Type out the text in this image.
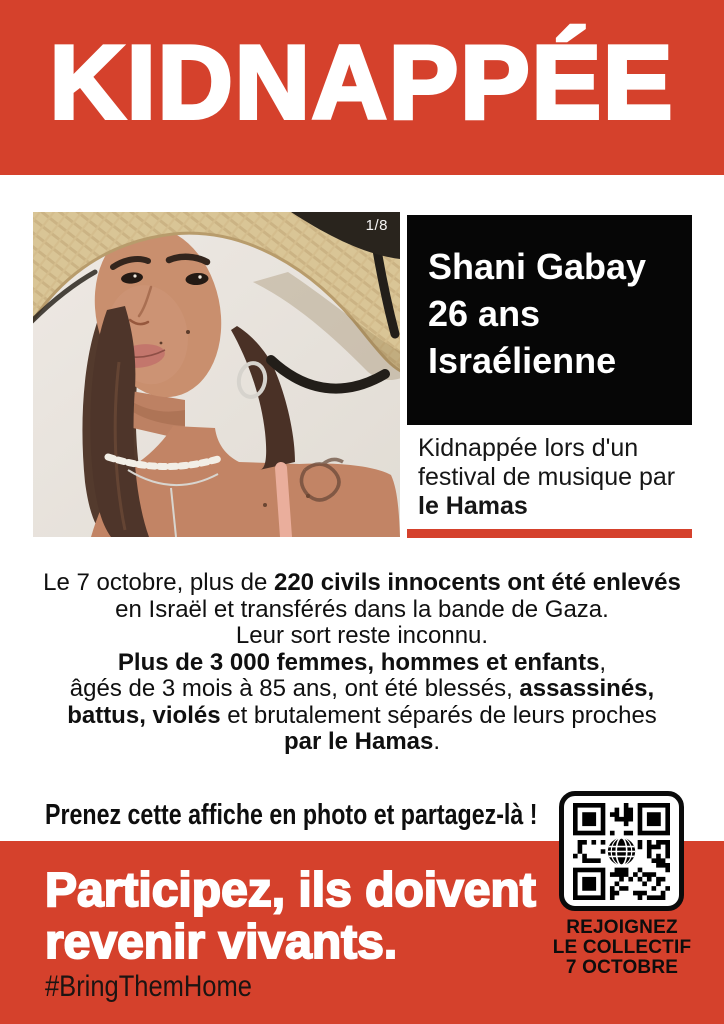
KIDNAPPÉE
1/8
Shani Gabay
26 ans
Israélienne
Kidnappée lors d'un
festival de musique par
le Hamas
Le 7 octobre, plus de 220 civils innocents ont été enlevés
en Israël et transférés dans la bande de Gaza.
Leur sort reste inconnu.
Plus de 3 000 femmes, hommes et enfants,
âgés de 3 mois à 85 ans, ont été blessés, assassinés,
battus, violés et brutalement séparés de leurs proches
par le Hamas.
Prenez cette affiche en photo et partagez-là !
Participez, ils doivent
revenir vivants.
#BringThemHome
REJOIGNEZ
LE COLLECTIF
7 OCTOBRE
